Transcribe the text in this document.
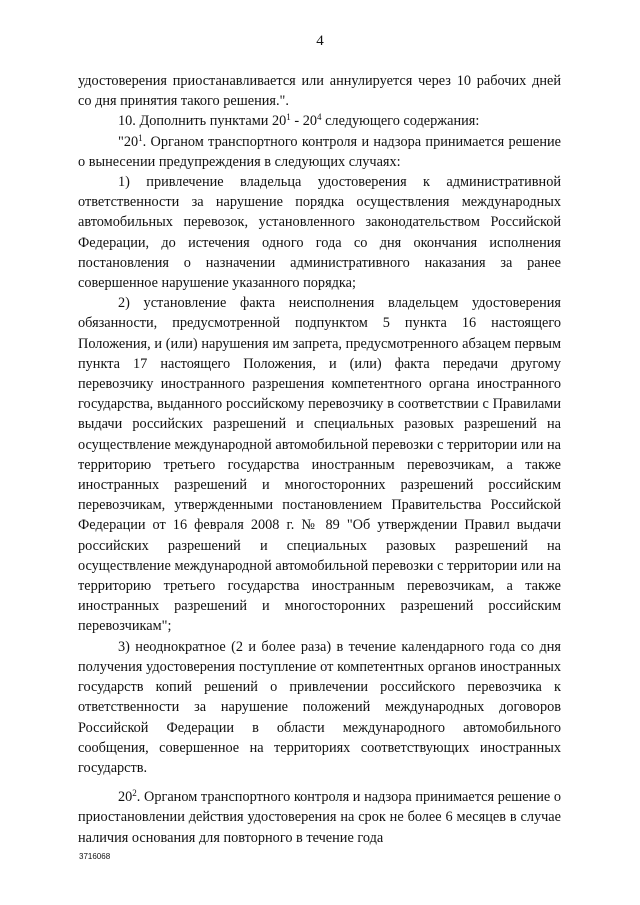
4

удостоверения приостанавливается или аннулируется через 10 рабочих дней со дня принятия такого решения.".

10. Дополнить пунктами $20^1 - 20^4$ следующего содержания:

"$20^1$. Органом транспортного контроля и надзора принимается решение о вынесении предупреждения в следующих случаях:

1) привлечение владельца удостоверения к административной ответственности за нарушение порядка осуществления международных автомобильных перевозок, установленного законодательством Российской Федерации, до истечения одного года со дня окончания исполнения постановления о назначении административного наказания за ранее совершенное нарушение указанного порядка;

2) установление факта неисполнения владельцем удостоверения обязанности, предусмотренной подпунктом 5 пункта 16 настоящего Положения, и (или) нарушения им запрета, предусмотренного абзацем первым пункта 17 настоящего Положения, и (или) факта передачи другому перевозчику иностранного разрешения компетентного органа иностранного государства, выданного российскому перевозчику в соответствии с Правилами выдачи российских разрешений и специальных разовых разрешений на осуществление международной автомобильной перевозки с территории или на территорию третьего государства иностранным перевозчикам, а также иностранных разрешений и многосторонних разрешений российским перевозчикам, утвержденными постановлением Правительства Российской Федерации от 16 февраля 2008 г. № 89 "Об утверждении Правил выдачи российских разрешений и специальных разовых разрешений на осуществление международной автомобильной перевозки с территории или на территорию третьего государства иностранным перевозчикам, а также иностранных разрешений и многосторонних разрешений российским перевозчикам";

3) неоднократное (2 и более раза) в течение календарного года со дня получения удостоверения поступление от компетентных органов иностранных государств копий решений о привлечении российского перевозчика к ответственности за нарушение положений международных договоров Российской Федерации в области международного автомобильного сообщения, совершенное на территориях соответствующих иностранных государств.

$20^2$. Органом транспортного контроля и надзора принимается решение о приостановлении действия удостоверения на срок не более 6 месяцев в случае наличия основания для повторного в течение года

3716068
